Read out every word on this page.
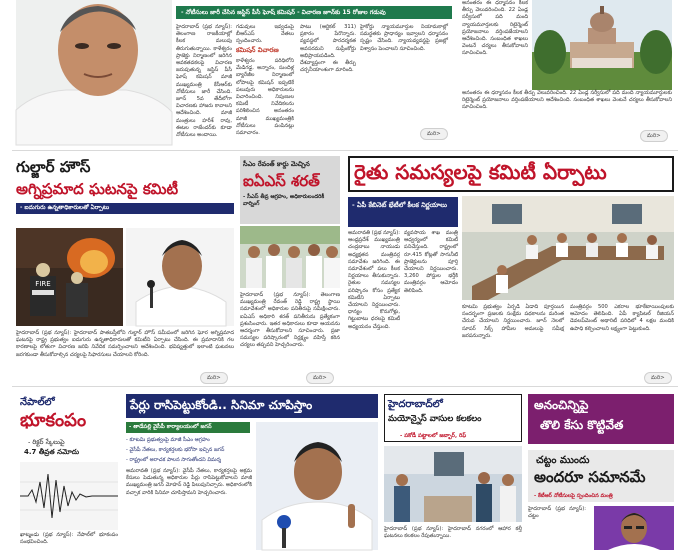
- నోటీసులు జారీ చేసిన జస్టిస్ పీసీ ఘోష్ కమిషన్ - విచారణ జూన్‌కు 15 రోజుల గడువు
హైదరాబాద్ (ప్రభ న్యూస్): తెలంగాణ రాజకీయాల్లో కీలక మలుపు తిరుగుతున్నాయి. కాళేశ్వరం ప్రాజెక్టు నిర్మాణంలో జరిగిన అవకతవకలపై విచారణ జరుపుతున్న జస్టిస్ పీసీ ఘోష్ కమిషన్ మాజీ ముఖ్యమంత్రి కేసీఆర్‌కు నోటీసులు జారీ చేసింది. జూన్ 5వ తేదీలోగా విచారణకు హాజరు కావాలని ఆదేశించింది. మాజీ మంత్రులు హరీశ్ రావు, ఈటల రాజేందర్‌కు కూడా నోటీసులు అందాయి.
గడువులు ఇవ్వడంపై బీఆర్ఎస్ నేతలు స్పందించారు.
కమిషన్ విచారణ
కాళేశ్వరం పరిధిలోని మేడిగడ్డ, అన్నారం, సుందిళ్ల బ్యారేజీల నిర్మాణంలో లోపాలపై కమిషన్ ఇప్పటికే పలువురు అధికారులను విచారించింది. నిపుణుల కమిటీ నివేదికలను పరిశీలించిన అనంతరం మాజీ ముఖ్యమంత్రికి నోటీసులు పంపినట్లు సమాచారం.
పాటు (ఆర్టికల్ 311) ప్రకారం పేరొన్నారు. వ్యవస్థలో పారదర్శకత అవసరమని సుప్రీంకోర్టు అభిప్రాయపడింది. దేశవ్యాప్తంగా ఈ తీర్పు చర్చనీయాంశంగా మారింది.
హైకోర్టు న్యాయమూర్తుల నియామకాల్లో సమర్థతకు ప్రాధాన్యం ఇవ్వాలని ధర్మాసనం స్పష్టం చేసింది. న్యాయవ్యవస్థపై ప్రజల్లో విశ్వాసం పెంచాలని సూచించింది.
మరి>
అనంతరం ఈ ధర్మాసనం కీలక తీర్పు వెలువరించింది. 22 ఏండ్ల సర్వీసులో పది మంది న్యాయమూర్తులకు రిటైర్మెంట్ ప్రయోజనాలు వర్తింపజేయాలని ఆదేశించింది. సంబంధిత శాఖలు వెంటనే చర్యలు తీసుకోవాలని సూచించింది.
అనంతరం ఈ ధర్మాసనం కీలక తీర్పు వెలువరించింది. 22 ఏండ్ల సర్వీసులో పది మంది న్యాయమూర్తులకు రిటైర్మెంట్ ప్రయోజనాలు వర్తింపజేయాలని ఆదేశించింది. సంబంధిత శాఖలు వెంటనే చర్యలు తీసుకోవాలని సూచించింది.
మరి>
గుల్జార్ హౌస్
అగ్నిప్రమాద ఘటనపై కమిటీ
- ఐదుగురు ఉన్నతాధికారులతో ఏర్పాటు
FIRE
హైదరాబాద్ (ప్రభ న్యూస్): హైదరాబాద్ పాతబస్తీలోని గుల్జార్ హౌస్ సమీపంలో జరిగిన ఘోర అగ్నిప్రమాద ఘటనపై రాష్ట్ర ప్రభుత్వం ఐదుగురు ఉన్నతాధికారులతో కమిటీని ఏర్పాటు చేసింది. ఈ ప్రమాదానికి గల కారణాలపై లోతుగా విచారణ జరిపి నివేదిక సమర్పించాలని ఆదేశించింది. భవిష్యత్తులో ఇలాంటి ఘటనలు జరగకుండా తీసుకోవాల్సిన చర్యలపై సిఫారసులు చేయాలని కోరింది.
మరి>
సీఎం రేవంత్ కార్డు మెచ్చిన
ఐఏఎస్ శరత్
- సీఎస్ తీవ్ర ఆగ్రహం, అధికారులందరికీ వార్నింగ్
హైదరాబాద్ (ప్రభ న్యూస్): తెలంగాణ ముఖ్యమంత్రి రేవంత్ రెడ్డి రాష్ట్ర స్థాయి సమావేశంలో అధికారుల పనితీరుపై సమీక్షించారు. ఐఏఎస్ అధికారి శరత్ పనితీరును ప్రత్యేకంగా ప్రశంసించారు. ఇతర అధికారులు కూడా ఆయనను ఆదర్శంగా తీసుకోవాలని సూచించారు. ప్రజా సమస్యల పరిష్కారంలో నిర్లక్ష్యం వహిస్తే కఠిన చర్యలు తప్పవని హెచ్చరించారు.
మరి>
రైతు సమస్యలపై కమిటీ ఏర్పాటు
- ఏపీ కేబినెట్ భేటీలో కీలక నిర్ణయాలు
అమరావతి (ప్రభ న్యూస్): ఆంధ్రప్రదేశ్ ముఖ్యమంత్రి చంద్రబాబు నాయుడు అధ్యక్షతన మంత్రివర్గ సమావేశం జరిగింది. ఈ సమావేశంలో పలు కీలక నిర్ణయాలు తీసుకున్నారు. రైతుల సమస్యల పరిష్కారం కోసం ప్రత్యేక కమిటీని ఏర్పాటు చేయాలని నిర్ణయించారు. ధాన్యం కొనుగోళ్లు, గిట్టుబాటు ధరలపై కమిటీ అధ్యయనం చేస్తుంది.
వ్యవసాయ శాఖ మంత్రి ఆధ్వర్యంలో కమిటీ పనిచేస్తుంది. రాష్ట్రంలో రూ.415 కోట్లతో సాగునీటి ప్రాజెక్టులను పూర్తి చేయాలని నిర్ణయించారు. 3,260 పోస్టుల భర్తీకి మంత్రివర్గం ఆమోదం తెలిపింది.
కూటమి ప్రభుత్వం ఏర్పడి ఏడాది పూర్తయిన సందర్భంగా ప్రజలకు సంక్షేమ పథకాలను మరింత చేరువ చేయాలని నిర్ణయించారు. జూన్ నెలలో సూపర్ సిక్స్ హామీల అమలుపై సమీక్ష జరపనున్నారు.
మంత్రివర్గం 500 ఎకరాల భూకేటాయింపులకు ఆమోదం తెలిపింది. ఏపీ క్యాపిటల్ రీజియన్ డెవలప్‌మెంట్ అథారిటీ పరిధిలో 4 లక్షల మందికి ఉపాధి కల్పించాలని లక్ష్యంగా పెట్టుకుంది.
మరి>
నేపాల్‌లో
భూకంపం
- రిక్టర్ స్కేలుపై
4.7 తీవ్రత నమోదు
ఖాట్మండు (ప్రభ న్యూస్): నేపాల్‌లో భూకంపం సంభవించింది.
పేర్లు రాసిపెట్టుకోండి.. సినిమా చూపిస్తాం
- తాడేపల్లి వైసీపీ కార్యాలయంలో జగన్
- కూటమి ప్రభుత్వంపై మాజీ సీఎం ఆగ్రహం
- వైసీపీ నేతలు, కార్యకర్తలకు భరోసా ఇచ్చిన జగన్
- రాష్ట్రంలో అరాచక పాలన సాగుతోందని విమర్శ
అమరావతి (ప్రభ న్యూస్): వైసీపీ నేతలు, కార్యకర్తలపై అక్రమ కేసులు పెడుతున్న అధికారుల పేర్లు రాసిపెట్టుకోవాలని మాజీ ముఖ్యమంత్రి జగన్ మోహన్ రెడ్డి పిలుపునిచ్చారు. అధికారంలోకి వచ్చాక వారికి సినిమా చూపిస్తామని హెచ్చరించారు.
హైదరాబాద్‌లో
మయోన్నైస్ వాసుల కలకలం
- పకోడీ పట్టాలలో జబ్బార్, రిఫ్
హైదరాబాద్ (ప్రభ న్యూస్): హైదరాబాద్ నగరంలో ఆహార కల్తీ ఘటనలు కలకలం రేపుతున్నాయి.
అనంచిన్నిపై
తొలి కేసు కొట్టివేత
చట్టం ముందు
అందరూ సమానమే
- కేటీఆర్ నోటీసులపై స్పందించిన మంత్రి
హైదరాబాద్ (ప్రభ న్యూస్): చట్టం
